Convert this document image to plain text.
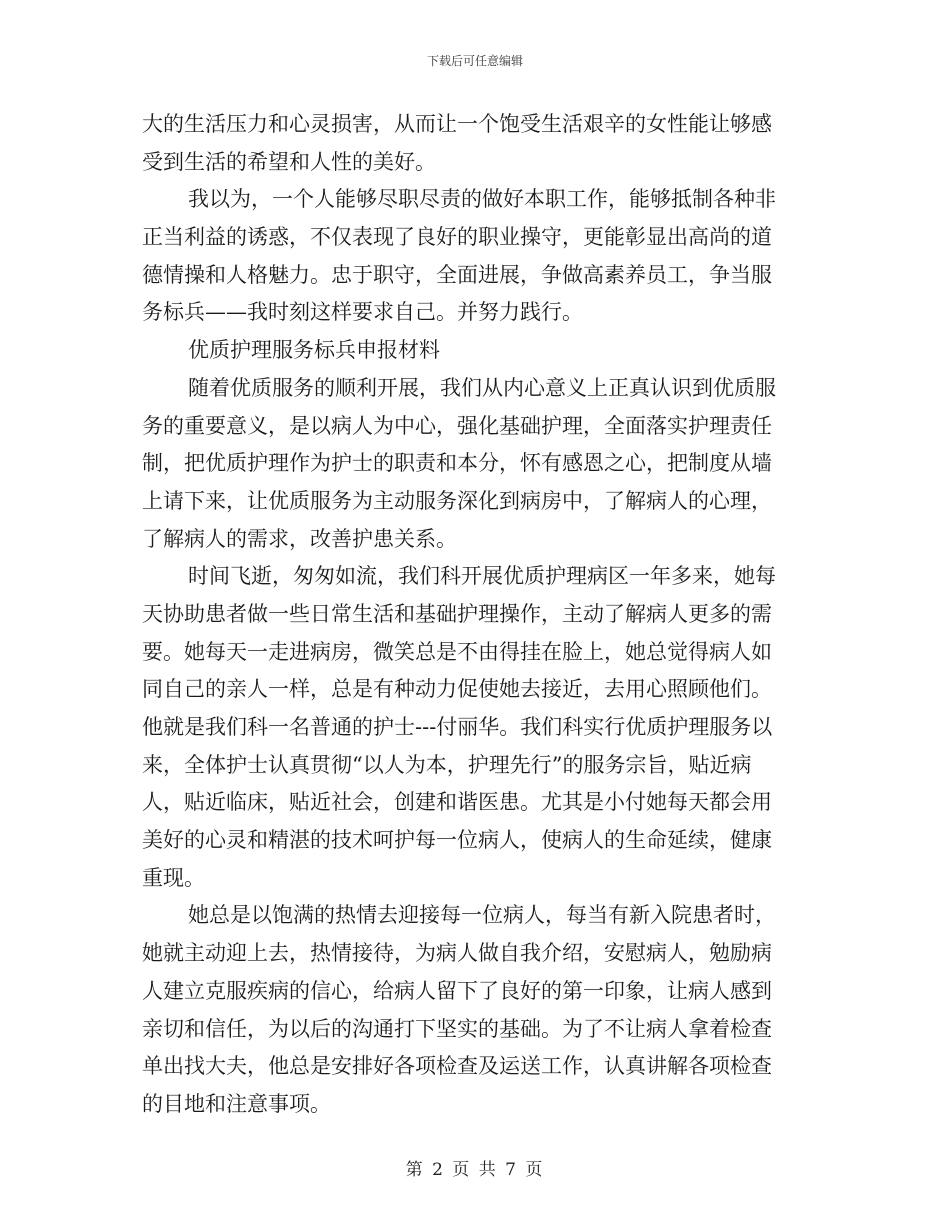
下载后可任意编辑
大的生活压力和心灵损害，从而让一个饱受生活艰辛的女性能让够感
受到生活的希望和人性的美好。
我以为，一个人能够尽职尽责的做好本职工作，能够抵制各种非
正当利益的诱惑，不仅表现了良好的职业操守，更能彰显出高尚的道
德情操和人格魅力。忠于职守，全面进展，争做高素养员工，争当服
务标兵——我时刻这样要求自己。并努力践行。
优质护理服务标兵申报材料
随着优质服务的顺利开展，我们从内心意义上正真认识到优质服
务的重要意义，是以病人为中心，强化基础护理，全面落实护理责任
制，把优质护理作为护士的职责和本分，怀有感恩之心，把制度从墙
上请下来，让优质服务为主动服务深化到病房中，了解病人的心理，
了解病人的需求，改善护患关系。
时间飞逝，匆匆如流，我们科开展优质护理病区一年多来，她每
天协助患者做一些日常生活和基础护理操作，主动了解病人更多的需
要。她每天一走进病房，微笑总是不由得挂在脸上，她总觉得病人如
同自己的亲人一样，总是有种动力促使她去接近，去用心照顾他们。
他就是我们科一名普通的护士---付丽华。我们科实行优质护理服务以
来，全体护士认真贯彻“以人为本，护理先行”的服务宗旨，贴近病
人，贴近临床，贴近社会，创建和谐医患。尤其是小付她每天都会用
美好的心灵和精湛的技术呵护每一位病人，使病人的生命延续，健康
重现。
她总是以饱满的热情去迎接每一位病人，每当有新入院患者时，
她就主动迎上去，热情接待，为病人做自我介绍，安慰病人，勉励病
人建立克服疾病的信心，给病人留下了良好的第一印象，让病人感到
亲切和信任，为以后的沟通打下坚实的基础。为了不让病人拿着检查
单出找大夫，他总是安排好各项检查及运送工作，认真讲解各项检查
的目地和注意事项。
第 2 页 共 7 页
